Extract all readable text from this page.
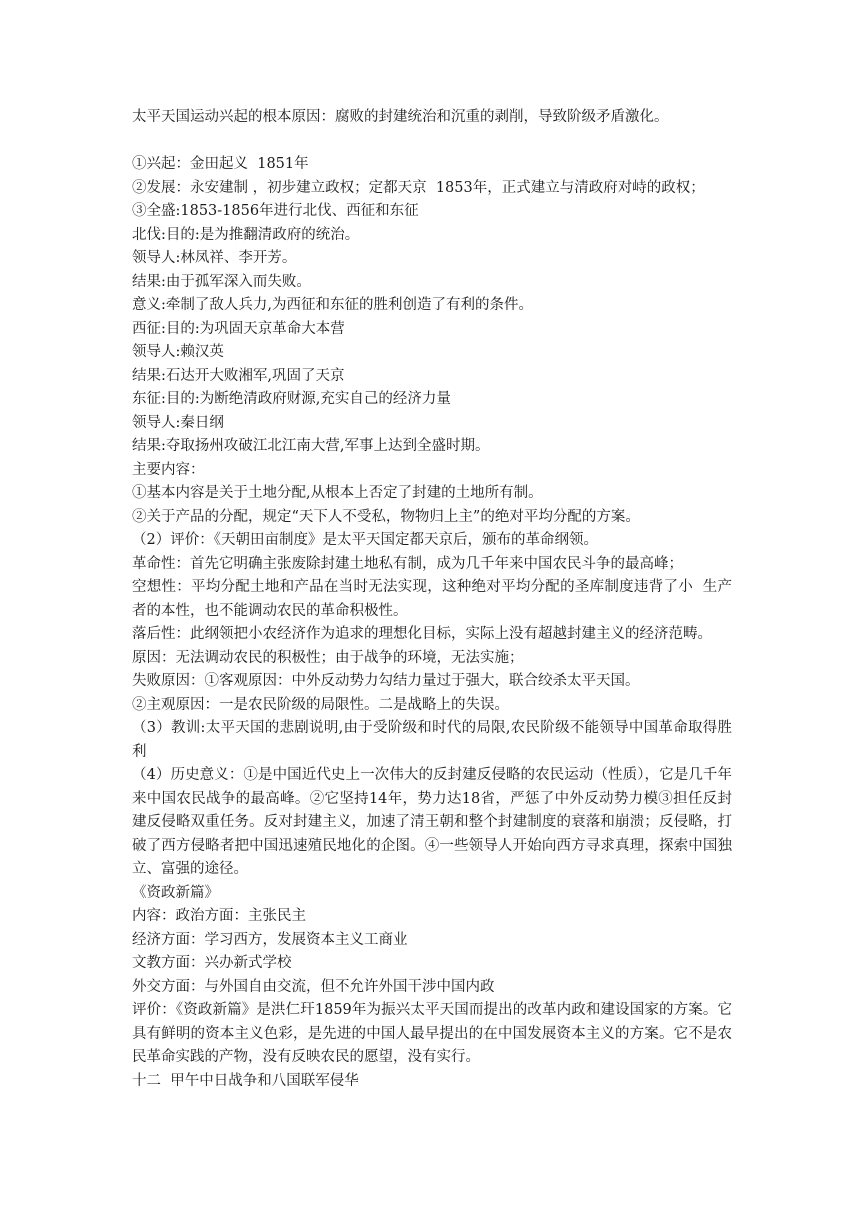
太平天国运动兴起的根本原因：腐败的封建统治和沉重的剥削，导致阶级矛盾激化。

①兴起：金田起义  1851年

②发展：永安建制 ，初步建立政权；定都天京  1853年，正式建立与清政府对峙的政权；

③全盛:1853-1856年进行北伐、西征和东征

北伐:目的:是为推翻清政府的统治。

领导人:林凤祥、李开芳。

结果:由于孤军深入而失败。

意义:牵制了敌人兵力,为西征和东征的胜利创造了有利的条件。

西征:目的:为巩固天京革命大本营

领导人:赖汉英

结果:石达开大败湘军,巩固了天京

东征:目的:为断绝清政府财源,充实自己的经济力量

领导人:秦日纲

结果:夺取扬州攻破江北江南大营,军事上达到全盛时期。

主要内容：

①基本内容是关于土地分配,从根本上否定了封建的土地所有制。

②关于产品的分配，规定“天下人不受私，物物归上主”的绝对平均分配的方案。

（2）评价：《天朝田亩制度》是太平天国定都天京后，颁布的革命纲领。

革命性：首先它明确主张废除封建土地私有制，成为几千年来中国农民斗争的最高峰；

空想性：平均分配土地和产品在当时无法实现，这种绝对平均分配的圣库制度违背了小  生产者的本性，也不能调动农民的革命积极性。

落后性：此纲领把小农经济作为追求的理想化目标，实际上没有超越封建主义的经济范畴。

原因：无法调动农民的积极性；由于战争的环境，无法实施；

失败原因：①客观原因：中外反动势力勾结力量过于强大，联合绞杀太平天国。

②主观原因：一是农民阶级的局限性。二是战略上的失误。

（3）教训:太平天国的悲剧说明,由于受阶级和时代的局限,农民阶级不能领导中国革命取得胜利

（4）历史意义：①是中国近代史上一次伟大的反封建反侵略的农民运动（性质），它是几千年来中国农民战争的最高峰。②它坚持14年，势力达18省，严惩了中外反动势力模③担任反封建反侵略双重任务。反对封建主义，加速了清王朝和整个封建制度的衰落和崩溃；反侵略，打破了西方侵略者把中国迅速殖民地化的企图。④一些领导人开始向西方寻求真理，探索中国独立、富强的途径。

《资政新篇》

内容：政治方面：主张民主

经济方面：学习西方，发展资本主义工商业

文教方面：兴办新式学校

外交方面：与外国自由交流，但不允许外国干涉中国内政

评价：《资政新篇》是洪仁玕1859年为振兴太平天国而提出的改革内政和建设国家的方案。它具有鲜明的资本主义色彩，是先进的中国人最早提出的在中国发展资本主义的方案。它不是农民革命实践的产物，没有反映农民的愿望，没有实行。

十二  甲午中日战争和八国联军侵华
